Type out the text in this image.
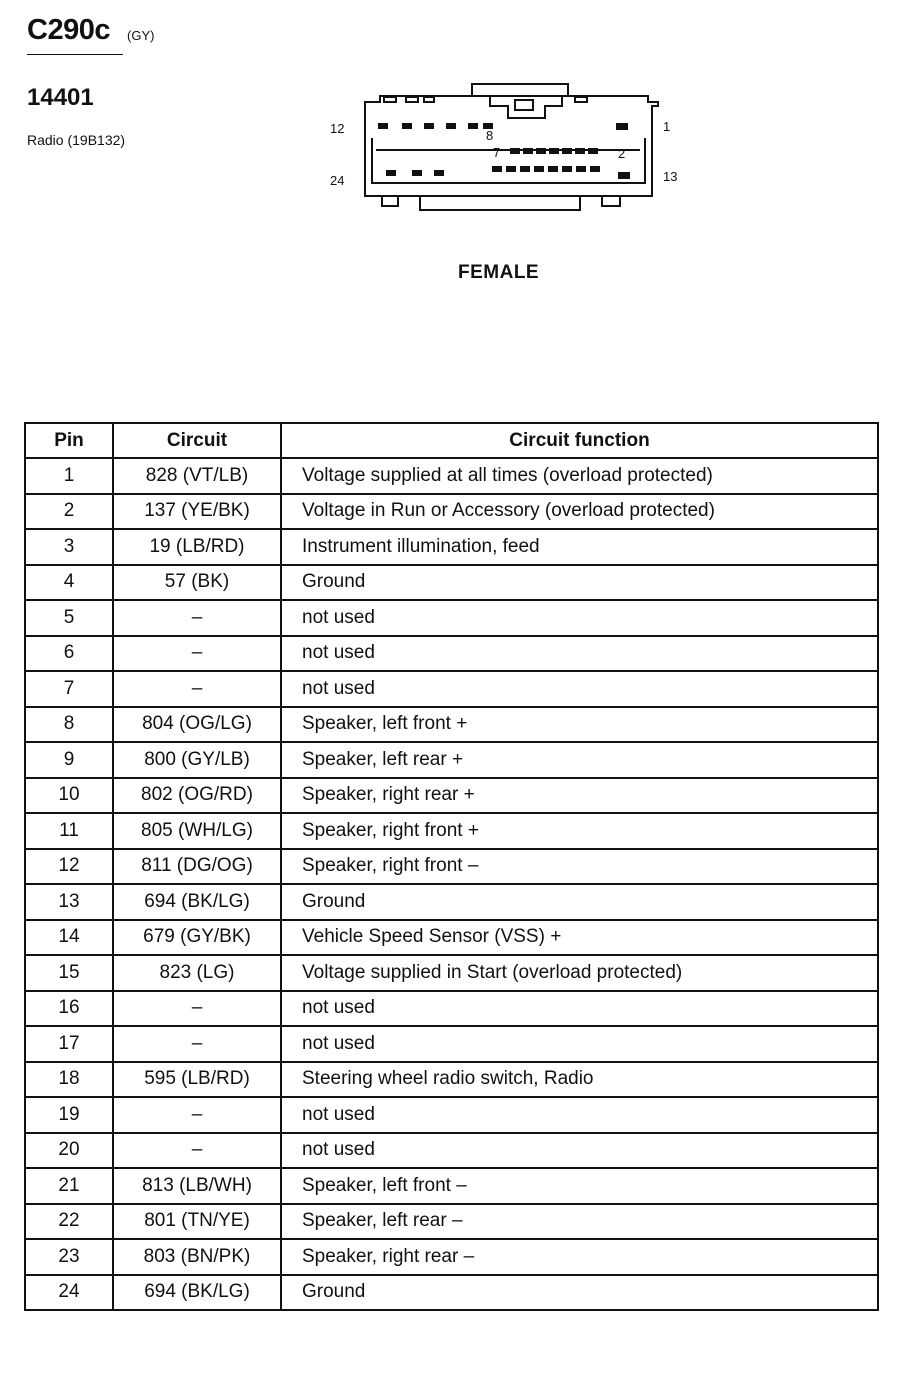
C290c (GY)
14401
Radio (19B132)
12	8
1
7	2
24	13
FEMALE
Pin	Circuit	Circuit function
1	828 (VT/LB)	Voltage supplied at all times (overload protected)
2	137 (YE/BK)	Voltage in Run or Accessory (overload protected)
3	19 (LB/RD)	Instrument illumination, feed
4	57 (BK)	Ground
5	–	not used
6	–	not used
7	–	not used
8	804 (OG/LG)	Speaker, left front +
9	800 (GY/LB)	Speaker, left rear +
10	802 (OG/RD)	Speaker, right rear +
11	805 (WH/LG)	Speaker, right front +
12	811 (DG/OG)	Speaker, right front –
13	694 (BK/LG)	Ground
14	679 (GY/BK)	Vehicle Speed Sensor (VSS) +
15	823 (LG)	Voltage supplied in Start (overload protected)
16	–	not used
17	–	not used
18	595 (LB/RD)	Steering wheel radio switch, Radio
19	–	not used
20	–	not used
21	813 (LB/WH)	Speaker, left front –
22	801 (TN/YE)	Speaker, left rear –
23	803 (BN/PK)	Speaker, right rear –
24	694 (BK/LG)	Ground
